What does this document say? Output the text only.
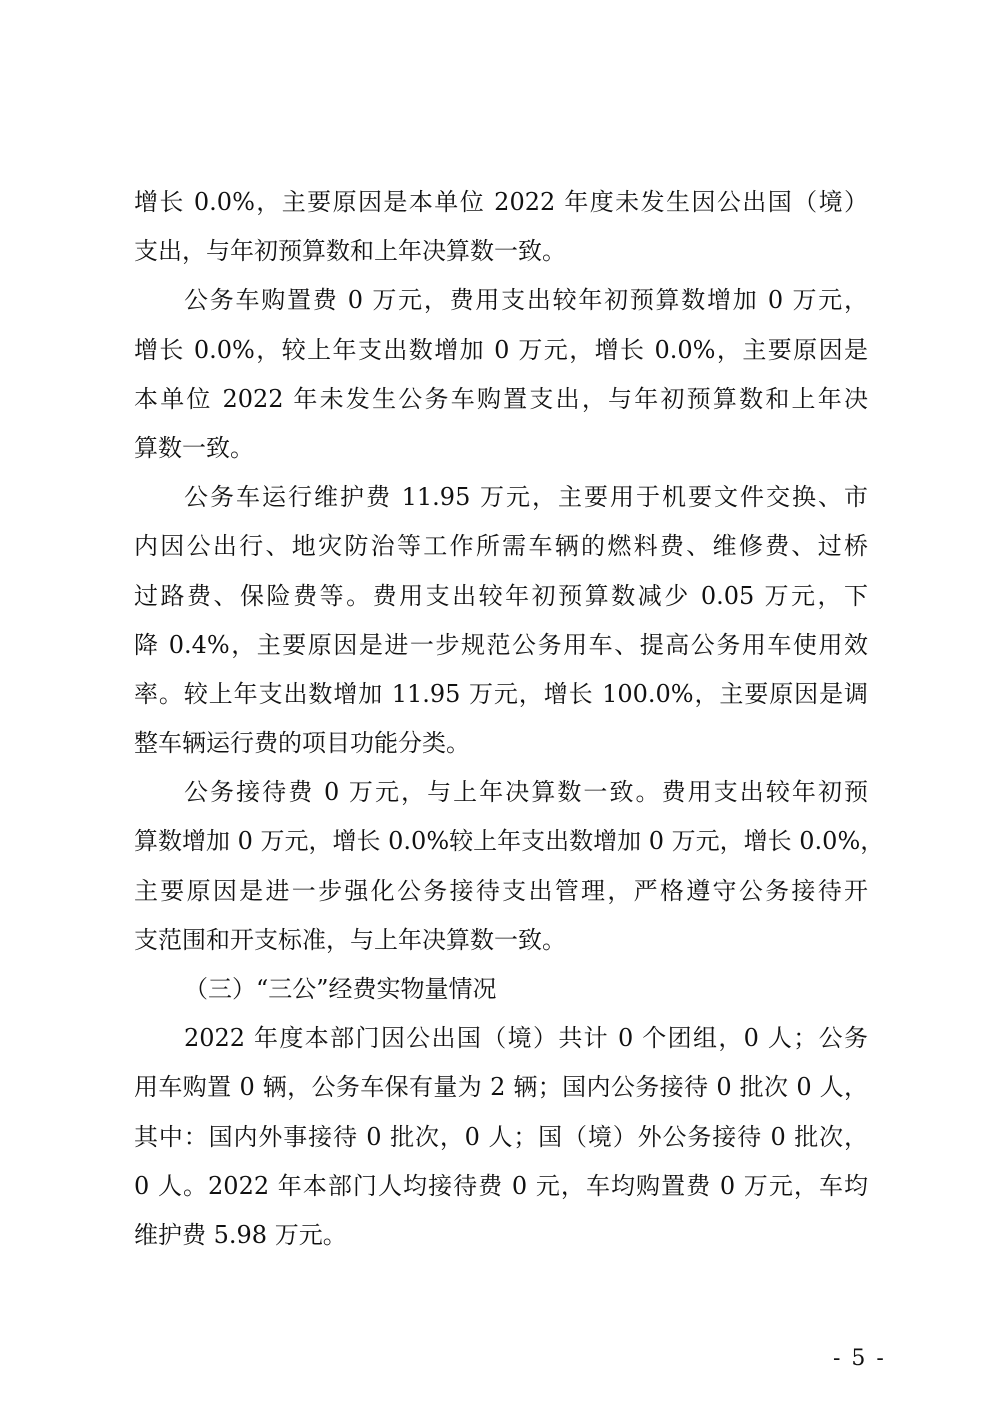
增长 0.0%，主要原因是本单位 2022 年度未发生因公出国（境）
支出，与年初预算数和上年决算数一致。
公务车购置费 0 万元，费用支出较年初预算数增加 0 万元，
增长 0.0%，较上年支出数增加 0 万元，增长 0.0%，主要原因是
本单位 2022 年未发生公务车购置支出，与年初预算数和上年决
算数一致。
公务车运行维护费 11.95 万元，主要用于机要文件交换、市
内因公出行、地灾防治等工作所需车辆的燃料费、维修费、过桥
过路费、保险费等。费用支出较年初预算数减少 0.05 万元，下
降 0.4%，主要原因是进一步规范公务用车、提高公务用车使用效
率。较上年支出数增加 11.95 万元，增长 100.0%，主要原因是调
整车辆运行费的项目功能分类。
公务接待费 0 万元，与上年决算数一致。费用支出较年初预
算数增加 0 万元，增长 0.0%较上年支出数增加 0 万元，增长 0.0%，
主要原因是进一步强化公务接待支出管理，严格遵守公务接待开
支范围和开支标准，与上年决算数一致。
（三）“三公”经费实物量情况
2022 年度本部门因公出国（境）共计 0 个团组，0 人；公务
用车购置 0 辆，公务车保有量为 2 辆；国内公务接待 0 批次 0 人，
其中：国内外事接待 0 批次，0 人；国（境）外公务接待 0 批次，
0 人。2022 年本部门人均接待费 0 元，车均购置费 0 万元，车均
维护费 5.98 万元。
- 5 -
